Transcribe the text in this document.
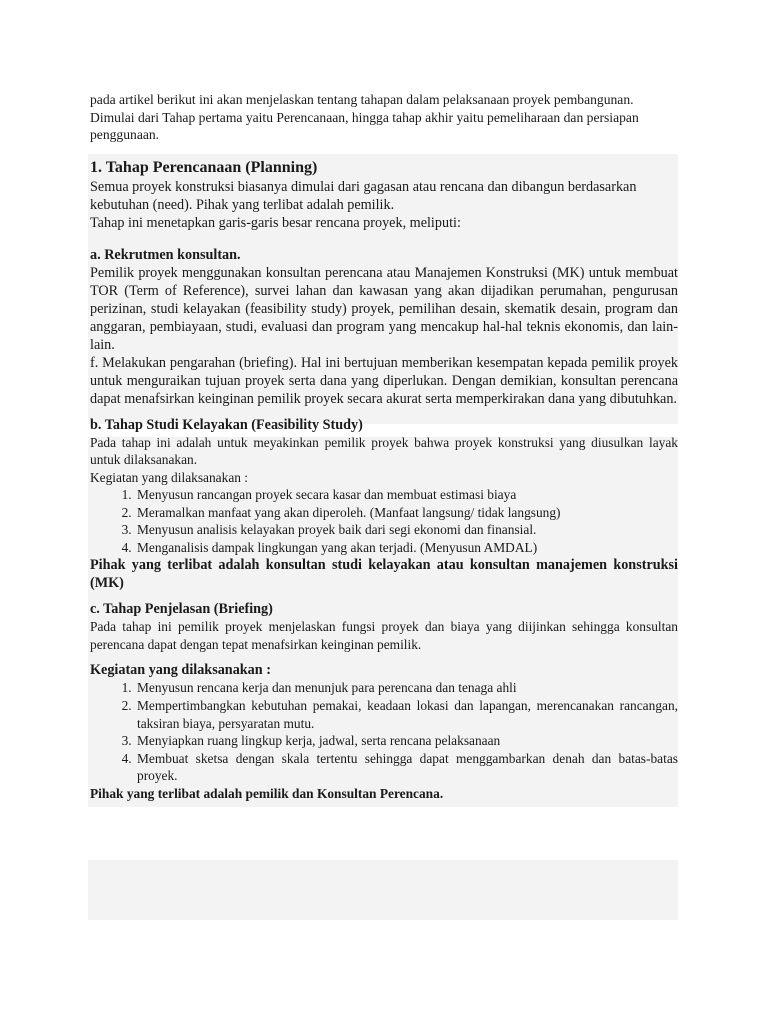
pada artikel berikut ini akan menjelaskan tentang tahapan dalam pelaksanaan proyek pembangunan. Dimulai dari Tahap pertama yaitu Perencanaan, hingga tahap akhir yaitu pemeliharaan dan persiapan penggunaan.

1. Tahap Perencanaan (Planning)

Semua proyek konstruksi biasanya dimulai dari gagasan atau rencana dan dibangun berdasarkan kebutuhan (need). Pihak yang terlibat adalah pemilik.

Tahap ini menetapkan garis-garis besar rencana proyek, meliputi:

a. Rekrutmen konsultan.

Pemilik proyek menggunakan konsultan perencana atau Manajemen Konstruksi (MK) untuk membuat TOR (Term of Reference), survei lahan dan kawasan yang akan dijadikan perumahan, pengurusan perizinan, studi kelayakan (feasibility study) proyek, pemilihan desain, skematik desain, program dan anggaran, pembiayaan, studi, evaluasi dan program yang mencakup hal-hal teknis ekonomis, dan lain-lain.

f. Melakukan pengarahan (briefing). Hal ini bertujuan memberikan kesempatan kepada pemilik proyek untuk menguraikan tujuan proyek serta dana yang diperlukan. Dengan demikian, konsultan perencana dapat menafsirkan keinginan pemilik proyek secara akurat serta memperkirakan dana yang dibutuhkan.

b. Tahap Studi Kelayakan (Feasibility Study)

Pada tahap ini adalah untuk meyakinkan pemilik proyek bahwa proyek konstruksi yang diusulkan layak untuk dilaksanakan.

Kegiatan yang dilaksanakan :

1. Menyusun rancangan proyek secara kasar dan membuat estimasi biaya
2. Meramalkan manfaat yang akan diperoleh. (Manfaat langsung/ tidak langsung)
3. Menyusun analisis kelayakan proyek baik dari segi ekonomi dan finansial.
4. Menganalisis dampak lingkungan yang akan terjadi. (Menyusun AMDAL)

Pihak yang terlibat adalah konsultan studi kelayakan atau konsultan manajemen konstruksi (MK)

c. Tahap Penjelasan (Briefing)

Pada tahap ini pemilik proyek menjelaskan fungsi proyek dan biaya yang diijinkan sehingga konsultan perencana dapat dengan tepat menafsirkan keinginan pemilik.

Kegiatan yang dilaksanakan :

1. Menyusun rencana kerja dan menunjuk para perencana dan tenaga ahli
2. Mempertimbangkan kebutuhan pemakai, keadaan lokasi dan lapangan, merencanakan rancangan, taksiran biaya, persyaratan mutu.
3. Menyiapkan ruang lingkup kerja, jadwal, serta rencana pelaksanaan
4. Membuat sketsa dengan skala tertentu sehingga dapat menggambarkan denah dan batas-batas proyek.

Pihak yang terlibat adalah pemilik dan Konsultan Perencana.
